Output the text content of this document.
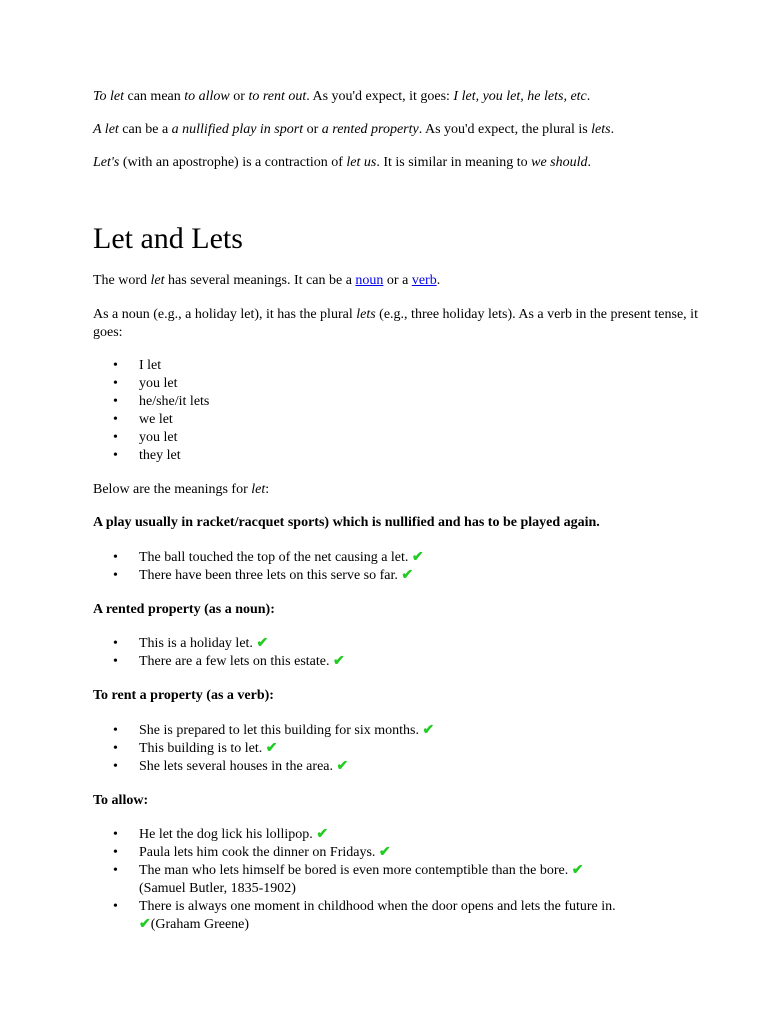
To let can mean to allow or to rent out. As you'd expect, it goes: I let, you let, he lets, etc.

A let can be a a nullified play in sport or a rented property. As you'd expect, the plural is lets.

Let's (with an apostrophe) is a contraction of let us. It is similar in meaning to we should.

Let and Lets

The word let has several meanings. It can be a noun or a verb.

As a noun (e.g., a holiday let), it has the plural lets (e.g., three holiday lets). As a verb in the present tense, it goes:

• I let
• you let
• he/she/it lets
• we let
• you let
• they let

Below are the meanings for let:

A play usually in racket/racquet sports) which is nullified and has to be played again.

• The ball touched the top of the net causing a let. ✔
• There have been three lets on this serve so far. ✔

A rented property (as a noun):

• This is a holiday let. ✔
• There are a few lets on this estate. ✔

To rent a property (as a verb):

• She is prepared to let this building for six months. ✔
• This building is to let. ✔
• She lets several houses in the area. ✔

To allow:

• He let the dog lick his lollipop. ✔
• Paula lets him cook the dinner on Fridays. ✔
• The man who lets himself be bored is even more contemptible than the bore. ✔
(Samuel Butler, 1835-1902)
• There is always one moment in childhood when the door opens and lets the future in.
✔(Graham Greene)
